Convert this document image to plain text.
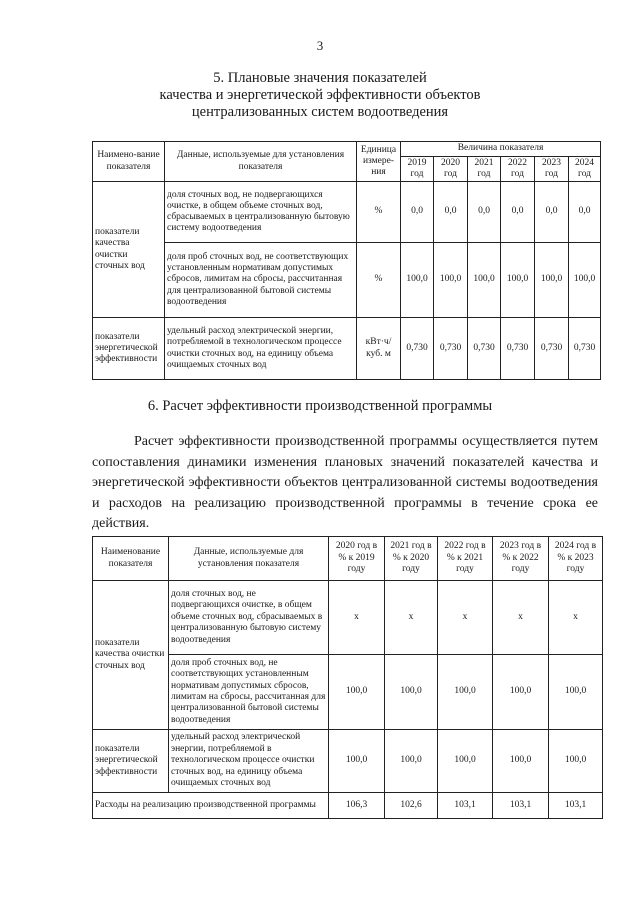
3
5. Плановые значения показателей
качества и энергетической эффективности объектов
централизованных систем водоотведения
Наимено-вание показателя	Данные, используемые для установления показателя	Единица измере-ния	Величина показателя					
			2019 год	2020 год	2021 год	2022 год	2023 год	2024 год
показатели качества очистки сточных вод	доля сточных вод, не подвергающихся очистке, в общем объеме сточных вод, сбрасываемых в централизованную бытовую систему водоотведения	%	0,0	0,0	0,0	0,0	0,0	0,0
	доля проб сточных вод, не соответствующих установленным нормативам допустимых сбросов, лимитам на сбросы, рассчитанная для централизованной бытовой системы водоотведения	%	100,0	100,0	100,0	100,0	100,0	100,0
показатели энергетической эффективности	удельный расход электрической энергии, потребляемой в технологическом процессе очистки сточных вод, на единицу объема очищаемых сточных вод	кВт·ч/куб. м	0,730	0,730	0,730	0,730	0,730	0,730
6. Расчет эффективности производственной программы
Расчет эффективности производственной программы осуществляется путем сопоставления динамики изменения плановых значений показателей качества и энергетической эффективности объектов централизованной системы водоотведения и расходов на реализацию производственной программы в течение срока ее действия.
Наименование показателя	Данные, используемые для установления показателя	2020 год в % к 2019 году	2021 год в % к 2020 году	2022 год в % к 2021 году	2023 год в % к 2022 году	2024 год в % к 2023 году
показатели качества очистки сточных вод	доля сточных вод, не подвергающихся очистке, в общем объеме сточных вод, сбрасываемых в централизованную бытовую систему водоотведения	х	х	х	х	х
	доля проб сточных вод, не соответствующих установленным нормативам допустимых сбросов, лимитам на сбросы, рассчитанная для централизованной бытовой системы водоотведения	100,0	100,0	100,0	100,0	100,0
показатели энергетической эффективности	удельный расход электрической энергии, потребляемой в технологическом процессе очистки сточных вод, на единицу объема очищаемых сточных вод	100,0	100,0	100,0	100,0	100,0
Расходы на реализацию производственной программы		106,3	102,6	103,1	103,1	103,1
